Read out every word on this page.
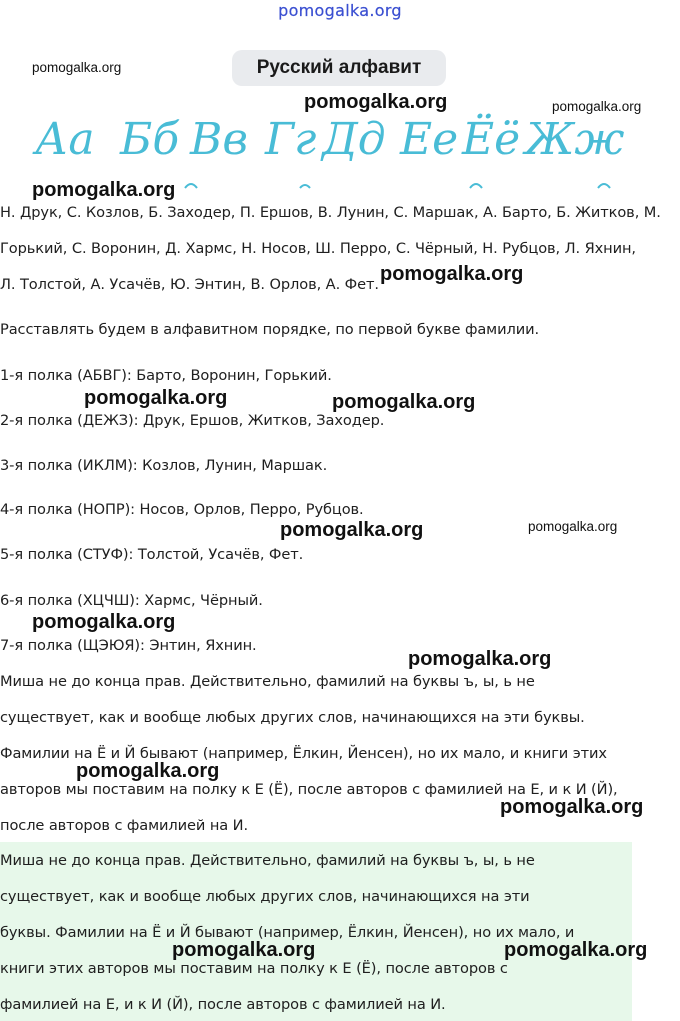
pomogalka.org
Русский алфавит
Аа Бб Вв Гг Дд Ее Ёё Жж
Н. Друк, С. Козлов, Б. Заходер, П. Ершов, В. Лунин, С. Маршак, А. Барто, Б. Житков, М.
Горький, С. Воронин, Д. Хармс, Н. Носов, Ш. Перро, С. Чёрный, Н. Рубцов, Л. Яхнин,
Л. Толстой, А. Усачёв, Ю. Энтин, В. Орлов, А. Фет.
Расставлять будем в алфавитном порядке, по первой букве фамилии.
1-я полка (АБВГ): Барто, Воронин, Горький.
2-я полка (ДЕЖЗ): Друк, Ершов, Житков, Заходер.
3-я полка (ИКЛМ): Козлов, Лунин, Маршак.
4-я полка (НОПР): Носов, Орлов, Перро, Рубцов.
5-я полка (СТУФ): Толстой, Усачёв, Фет.
6-я полка (ХЦЧШ): Хармс, Чёрный.
7-я полка (ЩЭЮЯ): Энтин, Яхнин.
Миша не до конца прав. Действительно, фамилий на буквы ъ, ы, ь не
существует, как и вообще любых других слов, начинающихся на эти буквы.
Фамилии на Ё и Й бывают (например, Ёлкин, Йенсен), но их мало, и книги этих
авторов мы поставим на полку к Е (Ё), после авторов с фамилией на Е, и к И (Й),
после авторов с фамилией на И.
Миша не до конца прав. Действительно, фамилий на буквы ъ, ы, ь не
существует, как и вообще любых других слов, начинающихся на эти
буквы. Фамилии на Ё и Й бывают (например, Ёлкин, Йенсен), но их мало, и
книги этих авторов мы поставим на полку к Е (Ё), после авторов с
фамилией на Е, и к И (Й), после авторов с фамилией на И.
pomogalka.org
pomogalka.org	pomogalka.org
pomogalka.org
pomogalka.org
pomogalka.org	pomogalka.org
pomogalka.org	pomogalka.org
pomogalka.org
pomogalka.org
pomogalka.org
pomogalka.org
pomogalka.org	pomogalka.org
